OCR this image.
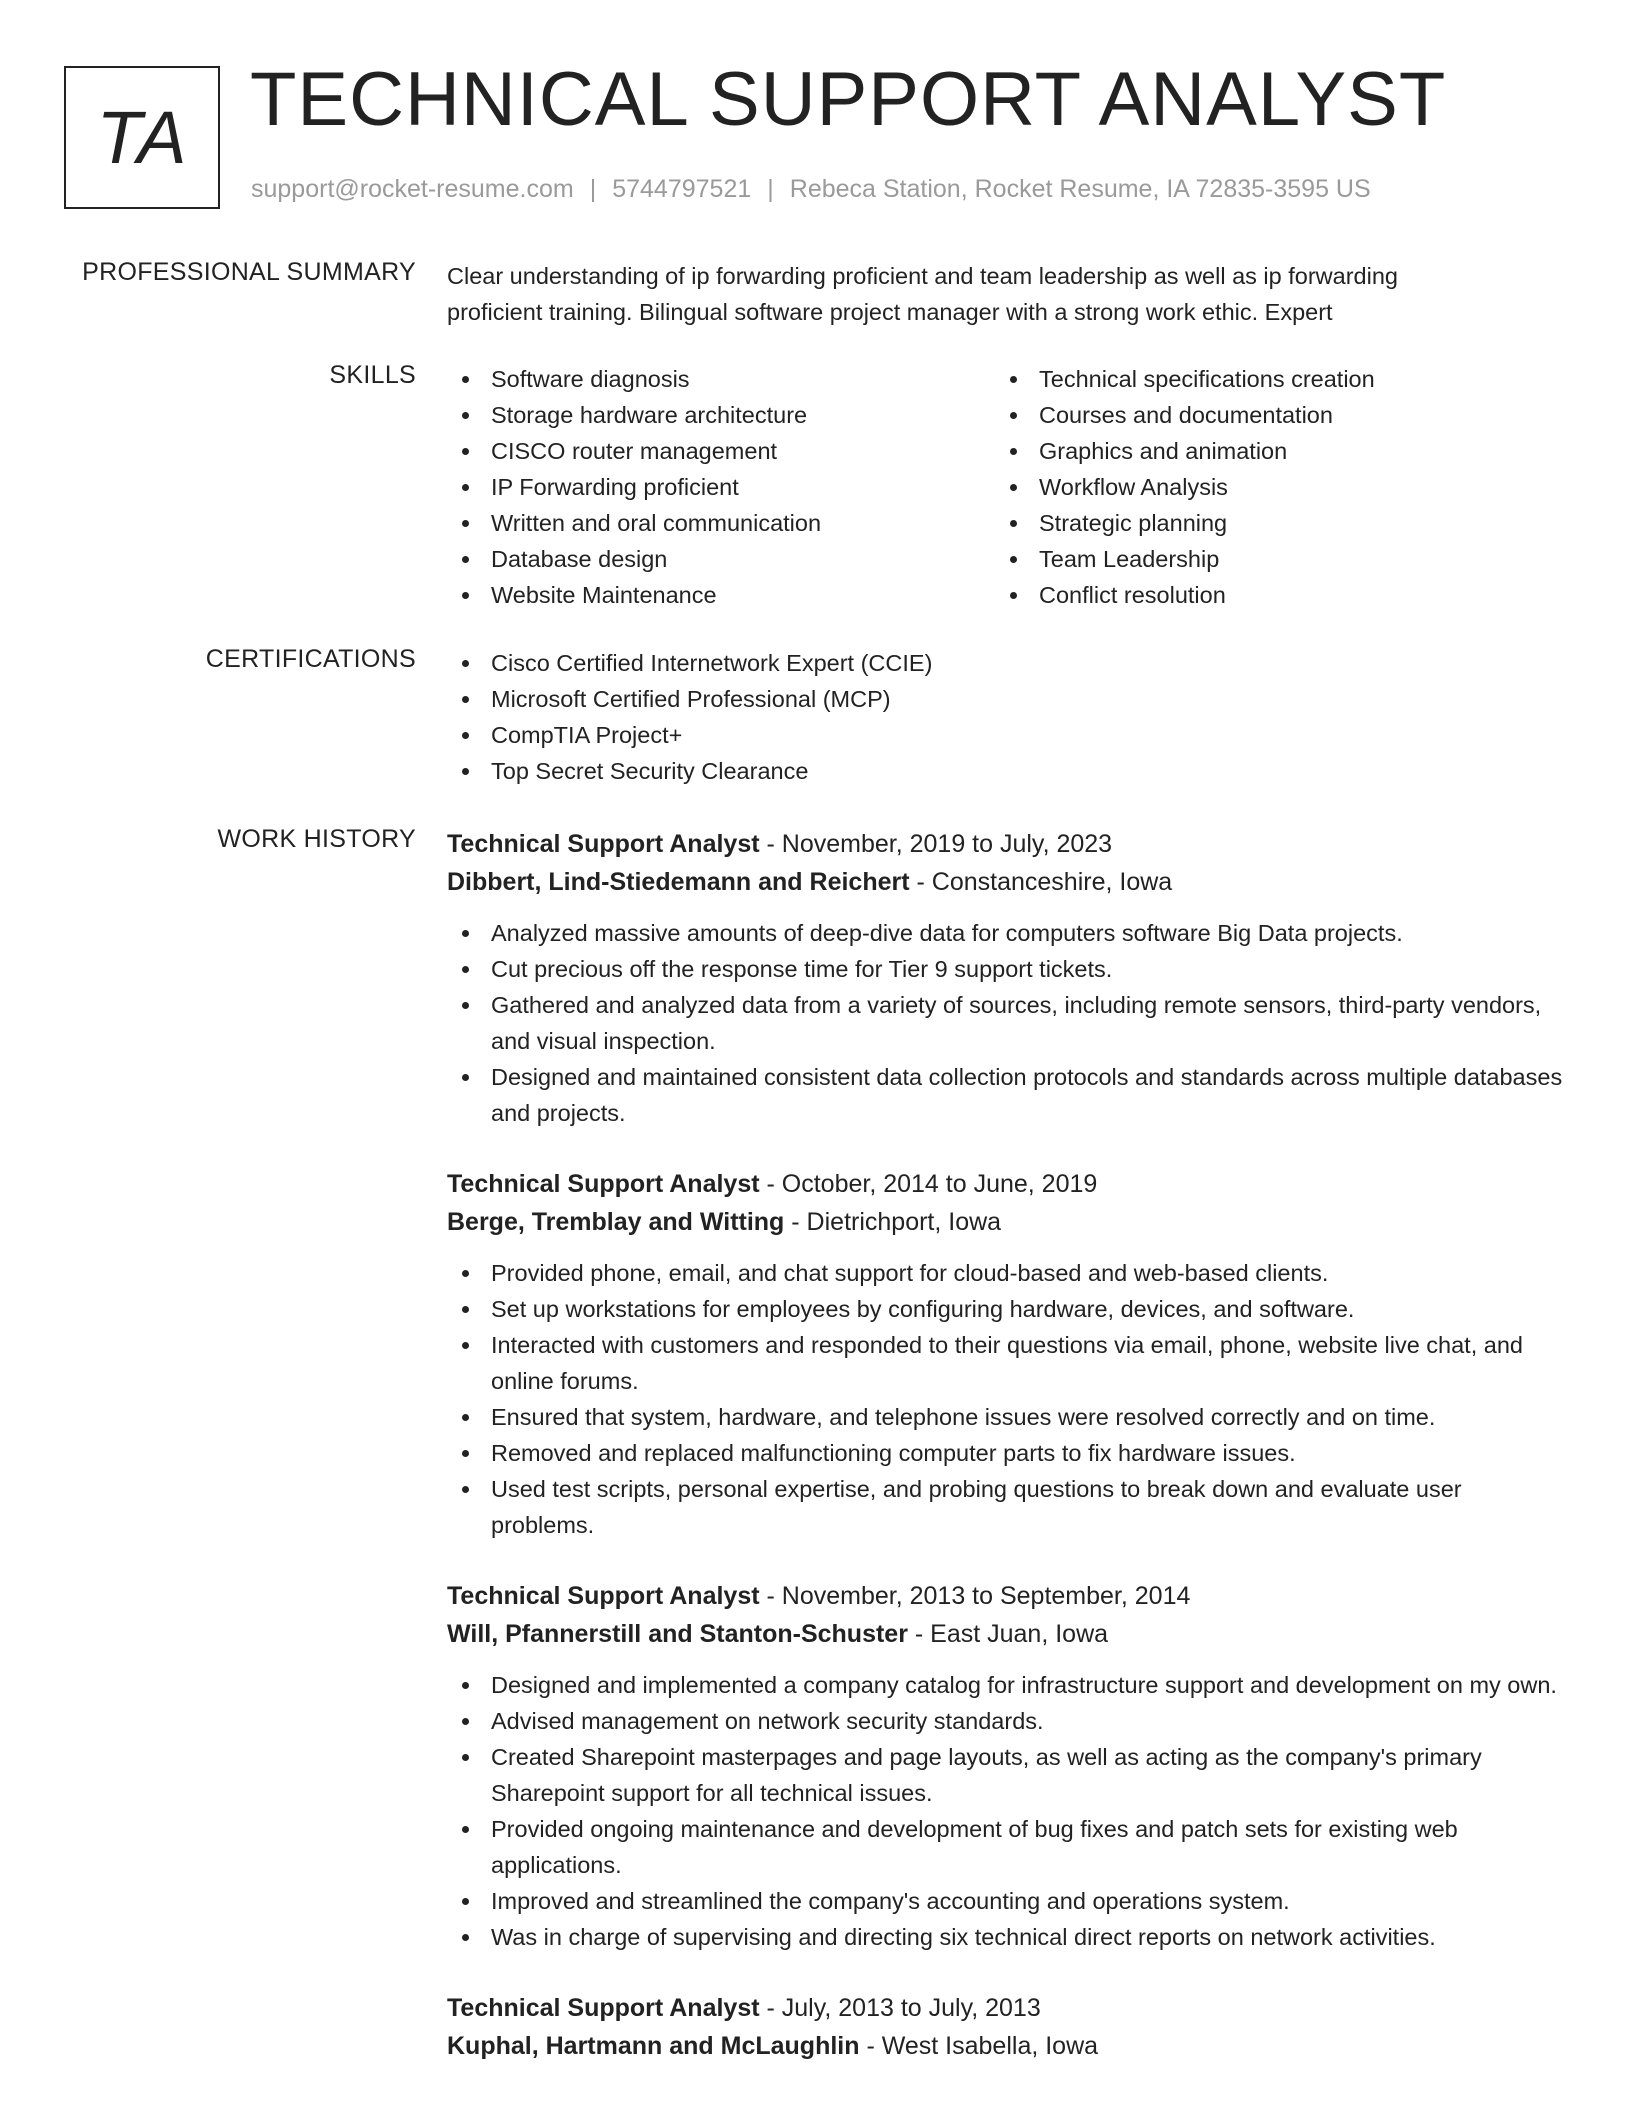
TA TECHNICAL SUPPORT ANALYST
support@rocket-resume.com | 5744797521 | Rebeca Station, Rocket Resume, IA 72835-3595 US
PROFESSIONAL SUMMARY Clear understanding of ip forwarding proficient and team leadership as well as ip forwarding proficient training. Bilingual software project manager with a strong work ethic. Expert
SKILLS	Software diagnosis
Storage hardware architecture
CISCO router management
IP Forwarding proficient
Written and oral communication
Database design
Website Maintenance
Technical specifications creation
Courses and documentation
Graphics and animation
Workflow Analysis
Strategic planning
Team Leadership
Conflict resolution
CERTIFICATIONS	Cisco Certified Internetwork Expert (CCIE)
Microsoft Certified Professional (MCP)
CompTIA Project+
Top Secret Security Clearance
WORK HISTORY Technical Support Analyst - November, 2019 to July, 2023
Dibbert, Lind-Stiedemann and Reichert - Constanceshire, Iowa
Analyzed massive amounts of deep-dive data for computers software Big Data projects.
Cut precious off the response time for Tier 9 support tickets.
Gathered and analyzed data from a variety of sources, including remote sensors, third-party vendors, and visual inspection.
Designed and maintained consistent data collection protocols and standards across multiple databases and projects.
Technical Support Analyst - October, 2014 to June, 2019
Berge, Tremblay and Witting - Dietrichport, Iowa
Provided phone, email, and chat support for cloud-based and web-based clients.
Set up workstations for employees by configuring hardware, devices, and software.
Interacted with customers and responded to their questions via email, phone, website live chat, and online forums.
Ensured that system, hardware, and telephone issues were resolved correctly and on time.
Removed and replaced malfunctioning computer parts to fix hardware issues.
Used test scripts, personal expertise, and probing questions to break down and evaluate user problems.
Technical Support Analyst - November, 2013 to September, 2014
Will, Pfannerstill and Stanton-Schuster - East Juan, Iowa
Designed and implemented a company catalog for infrastructure support and development on my own.
Advised management on network security standards.
Created Sharepoint masterpages and page layouts, as well as acting as the company's primary Sharepoint support for all technical issues.
Provided ongoing maintenance and development of bug fixes and patch sets for existing web applications.
Improved and streamlined the company's accounting and operations system.
Was in charge of supervising and directing six technical direct reports on network activities.
Technical Support Analyst - July, 2013 to July, 2013
Kuphal, Hartmann and McLaughlin - West Isabella, Iowa
